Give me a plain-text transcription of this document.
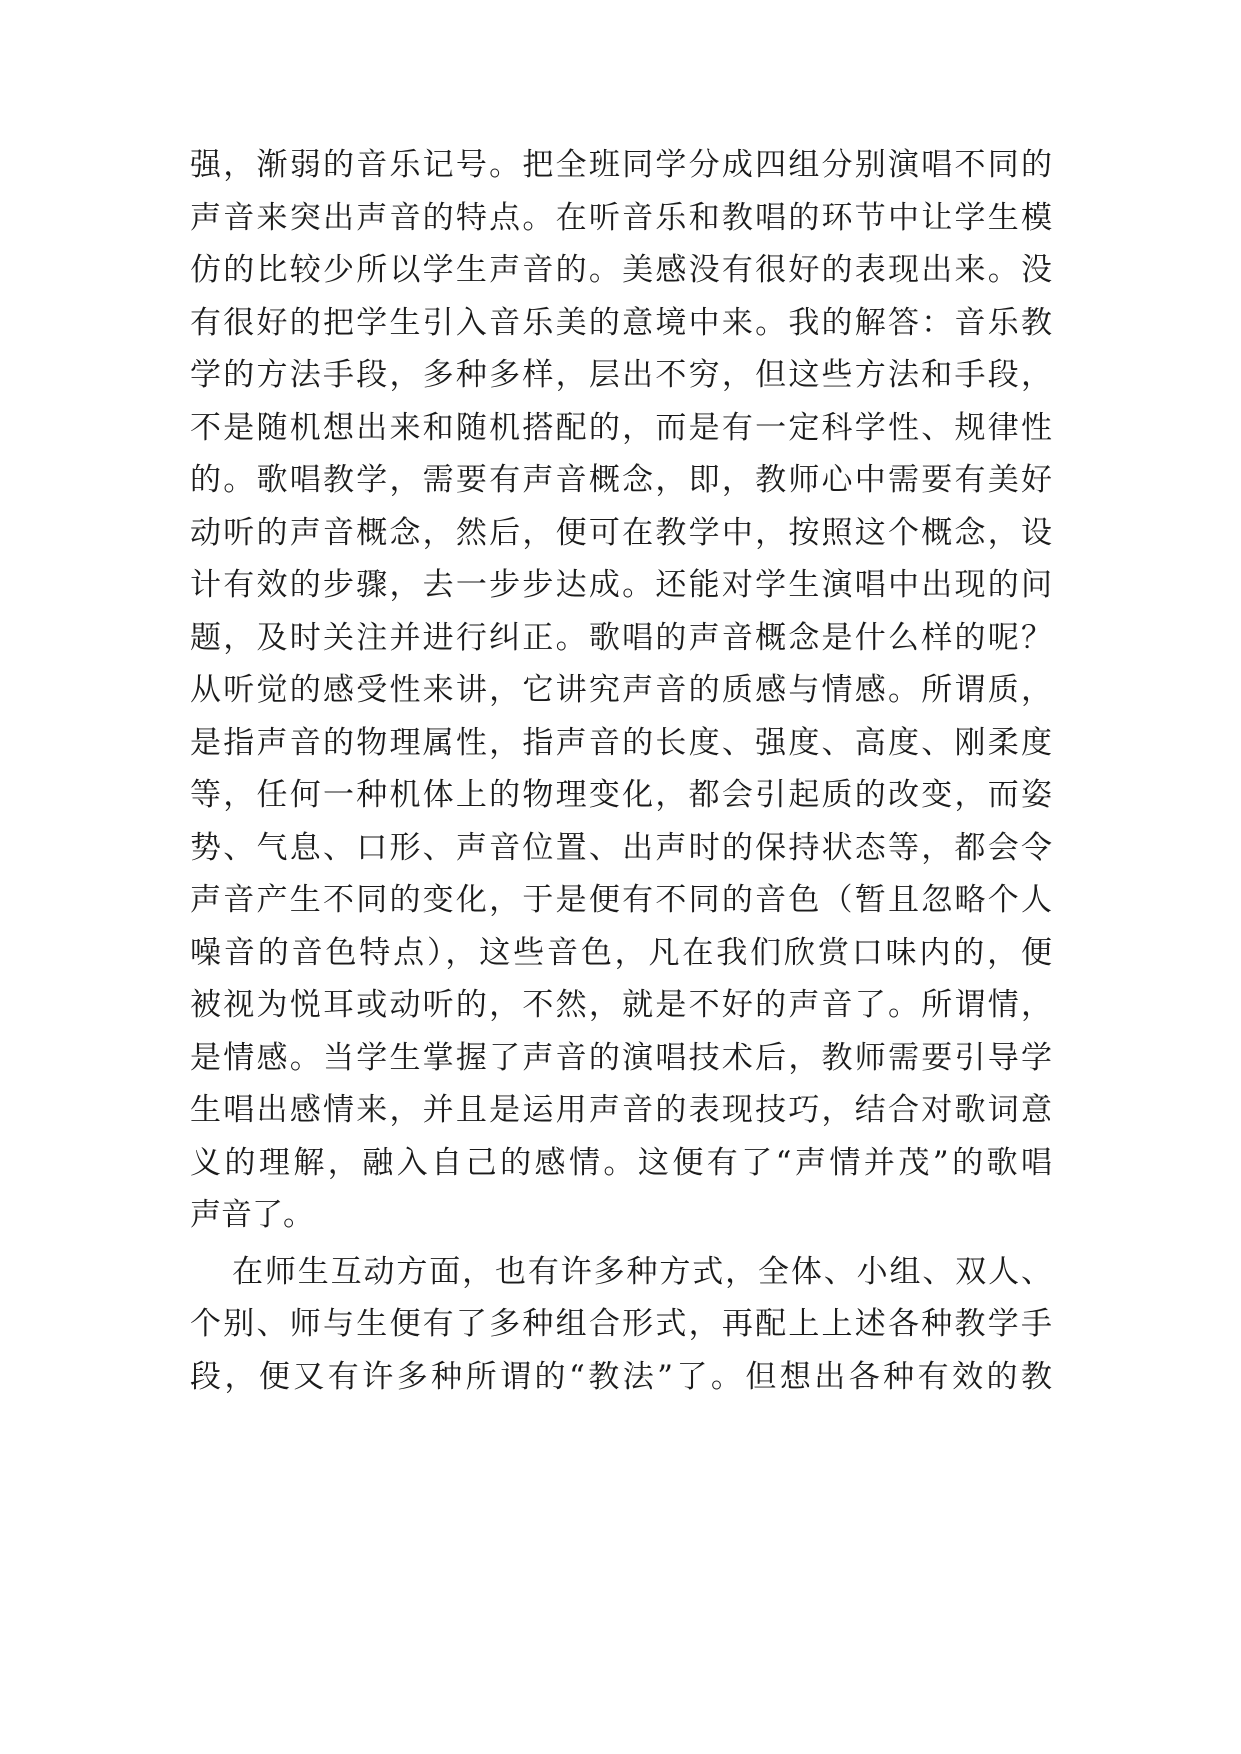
强，渐弱的音乐记号。把全班同学分成四组分别演唱不同的
声音来突出声音的特点。在听音乐和教唱的环节中让学生模
仿的比较少所以学生声音的。美感没有很好的表现出来。没
有很好的把学生引入音乐美的意境中来。我的解答：音乐教
学的方法手段，多种多样，层出不穷，但这些方法和手段，
不是随机想出来和随机搭配的，而是有一定科学性、规律性
的。歌唱教学，需要有声音概念，即，教师心中需要有美好
动听的声音概念，然后，便可在教学中，按照这个概念，设
计有效的步骤，去一步步达成。还能对学生演唱中出现的问
题，及时关注并进行纠正。歌唱的声音概念是什么样的呢？
从听觉的感受性来讲，它讲究声音的质感与情感。所谓质，
是指声音的物理属性，指声音的长度、强度、高度、刚柔度
等，任何一种机体上的物理变化，都会引起质的改变，而姿
势、气息、口形、声音位置、出声时的保持状态等，都会令
声音产生不同的变化，于是便有不同的音色（暂且忽略个人
噪音的音色特点），这些音色，凡在我们欣赏口味内的，便
被视为悦耳或动听的，不然，就是不好的声音了。所谓情，
是情感。当学生掌握了声音的演唱技术后，教师需要引导学
生唱出感情来，并且是运用声音的表现技巧，结合对歌词意
义的理解，融入自己的感情。这便有了“声情并茂”的歌唱
声音了。
在师生互动方面，也有许多种方式，全体、小组、双人、
个别、师与生便有了多种组合形式，再配上上述各种教学手
段，便又有许多种所谓的“教法”了。但想出各种有效的教
